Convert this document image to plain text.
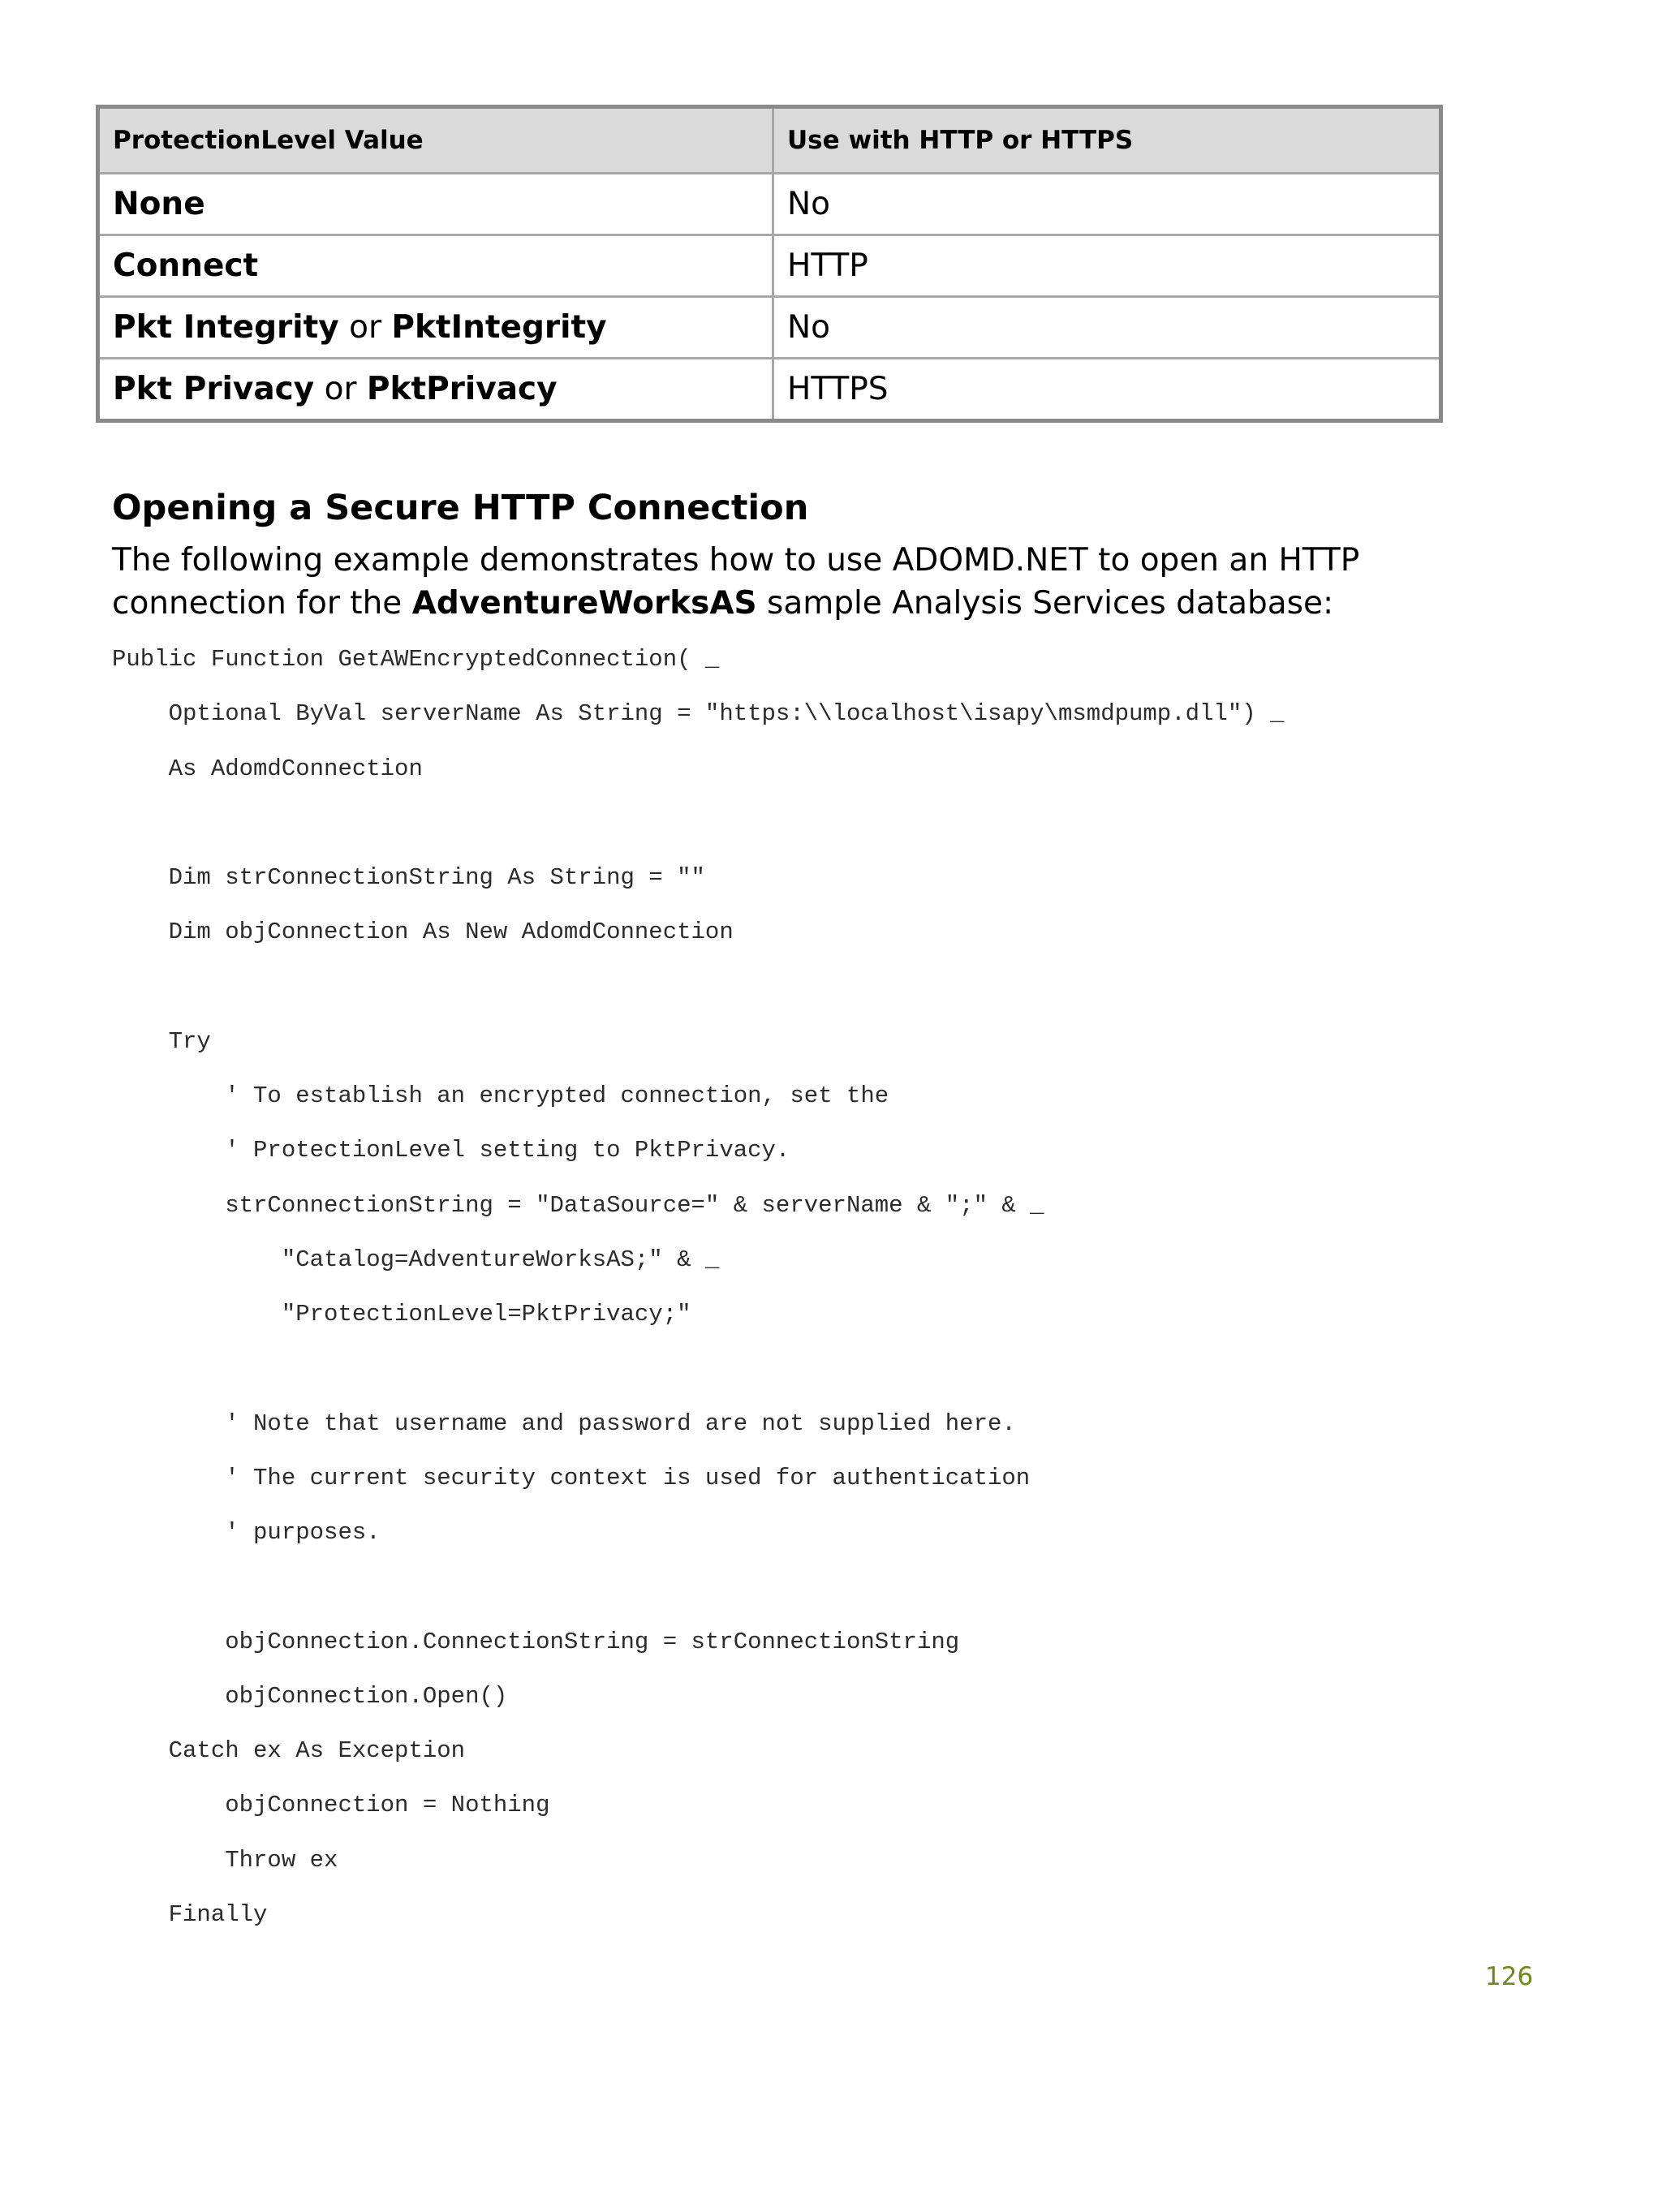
ProtectionLevel Value	Use with HTTP or HTTPS
None	No
Connect	HTTP
Pkt Integrity or PktIntegrity	No
Pkt Privacy or PktPrivacy	HTTPS
Opening a Secure HTTP Connection

The following example demonstrates how to use ADOMD.NET to open an HTTP connection for the AdventureWorksAS sample Analysis Services database:

Public Function GetAWEncryptedConnection( _
Optional ByVal serverName As String = "https:\\localhost\isapy\msmdpump.dll") _
As AdomdConnection
Dim strConnectionString As String = ""
Dim objConnection As New AdomdConnection
Try
' To establish an encrypted connection, set the
' ProtectionLevel setting to PktPrivacy.
strConnectionString = "DataSource=" & serverName & ";" & _
"Catalog=AdventureWorksAS;" & _
"ProtectionLevel=PktPrivacy;"
' Note that username and password are not supplied here.
' The current security context is used for authentication
' purposes.
objConnection.ConnectionString = strConnectionString
objConnection.Open()
Catch ex As Exception
objConnection = Nothing
Throw ex
Finally
126
